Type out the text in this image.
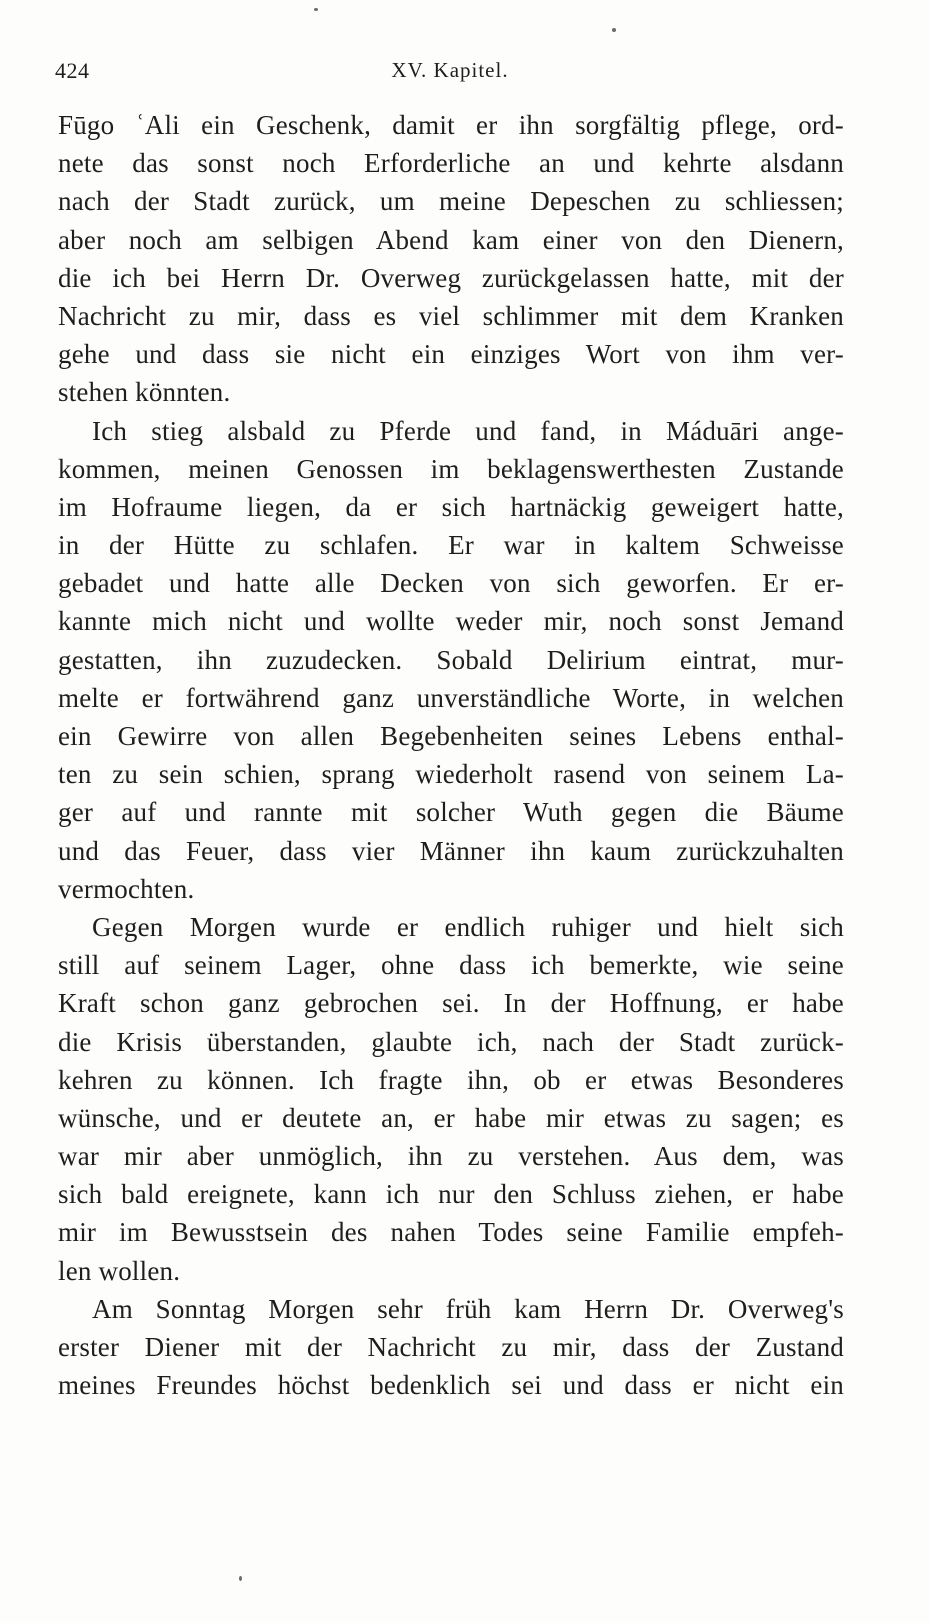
424	XV. Kapitel.
Fūgo ʿAli ein Geschenk, damit er ihn sorgfältig pflege, ord-
nete das sonst noch Erforderliche an und kehrte alsdann
nach der Stadt zurück, um meine Depeschen zu schliessen;
aber noch am selbigen Abend kam einer von den Dienern,
die ich bei Herrn Dr. Overweg zurückgelassen hatte, mit der
Nachricht zu mir, dass es viel schlimmer mit dem Kranken
gehe und dass sie nicht ein einziges Wort von ihm ver-
stehen könnten.
Ich stieg alsbald zu Pferde und fand, in Máduāri ange-
kommen, meinen Genossen im beklagenswerthesten Zustande
im Hofraume liegen, da er sich hartnäckig geweigert hatte,
in der Hütte zu schlafen. Er war in kaltem Schweisse
gebadet und hatte alle Decken von sich geworfen. Er er-
kannte mich nicht und wollte weder mir, noch sonst Jemand
gestatten, ihn zuzudecken. Sobald Delirium eintrat, mur-
melte er fortwährend ganz unverständliche Worte, in welchen
ein Gewirre von allen Begebenheiten seines Lebens enthal-
ten zu sein schien, sprang wiederholt rasend von seinem La-
ger auf und rannte mit solcher Wuth gegen die Bäume
und das Feuer, dass vier Männer ihn kaum zurückzuhalten
vermochten.
Gegen Morgen wurde er endlich ruhiger und hielt sich
still auf seinem Lager, ohne dass ich bemerkte, wie seine
Kraft schon ganz gebrochen sei. In der Hoffnung, er habe
die Krisis überstanden, glaubte ich, nach der Stadt zurück-
kehren zu können. Ich fragte ihn, ob er etwas Besonderes
wünsche, und er deutete an, er habe mir etwas zu sagen; es
war mir aber unmöglich, ihn zu verstehen. Aus dem, was
sich bald ereignete, kann ich nur den Schluss ziehen, er habe
mir im Bewusstsein des nahen Todes seine Familie empfeh-
len wollen.
Am Sonntag Morgen sehr früh kam Herrn Dr. Overweg's
erster Diener mit der Nachricht zu mir, dass der Zustand
meines Freundes höchst bedenklich sei und dass er nicht ein
